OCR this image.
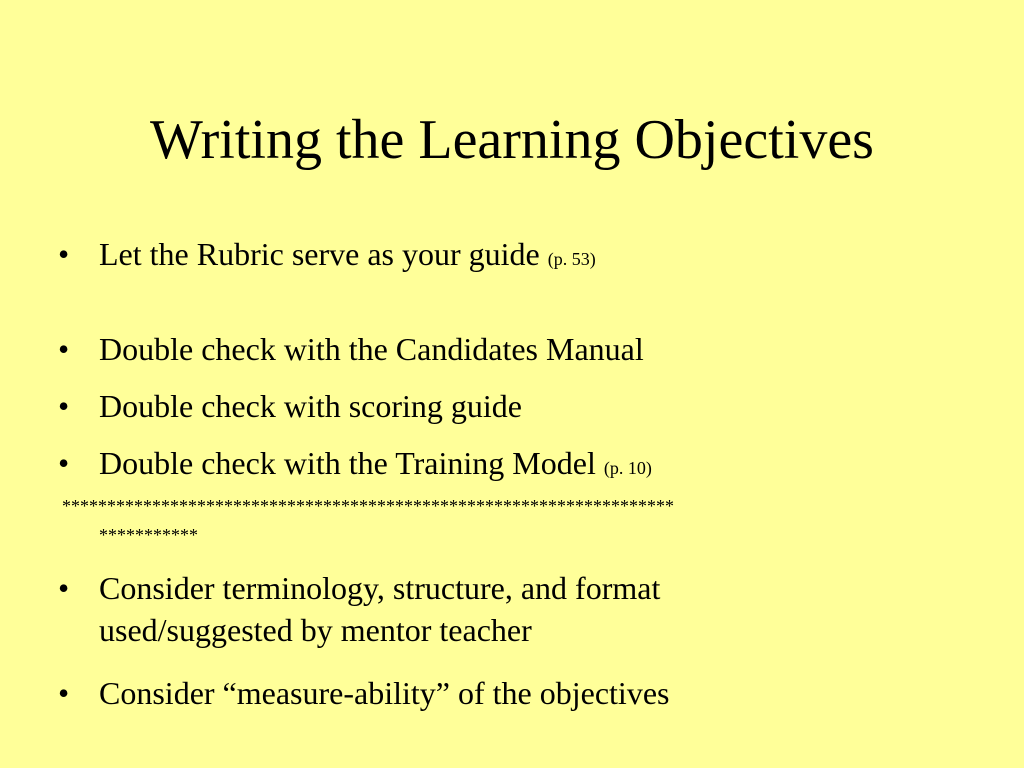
Writing the Learning Objectives
• Let the Rubric serve as your guide (p. 53)
• Double check with the Candidates Manual
• Double check with scoring guide
• Double check with the Training Model (p. 10)
********************************************************************
***********
• Consider terminology, structure, and format used/suggested by mentor teacher
• Consider “measure-ability” of the objectives
